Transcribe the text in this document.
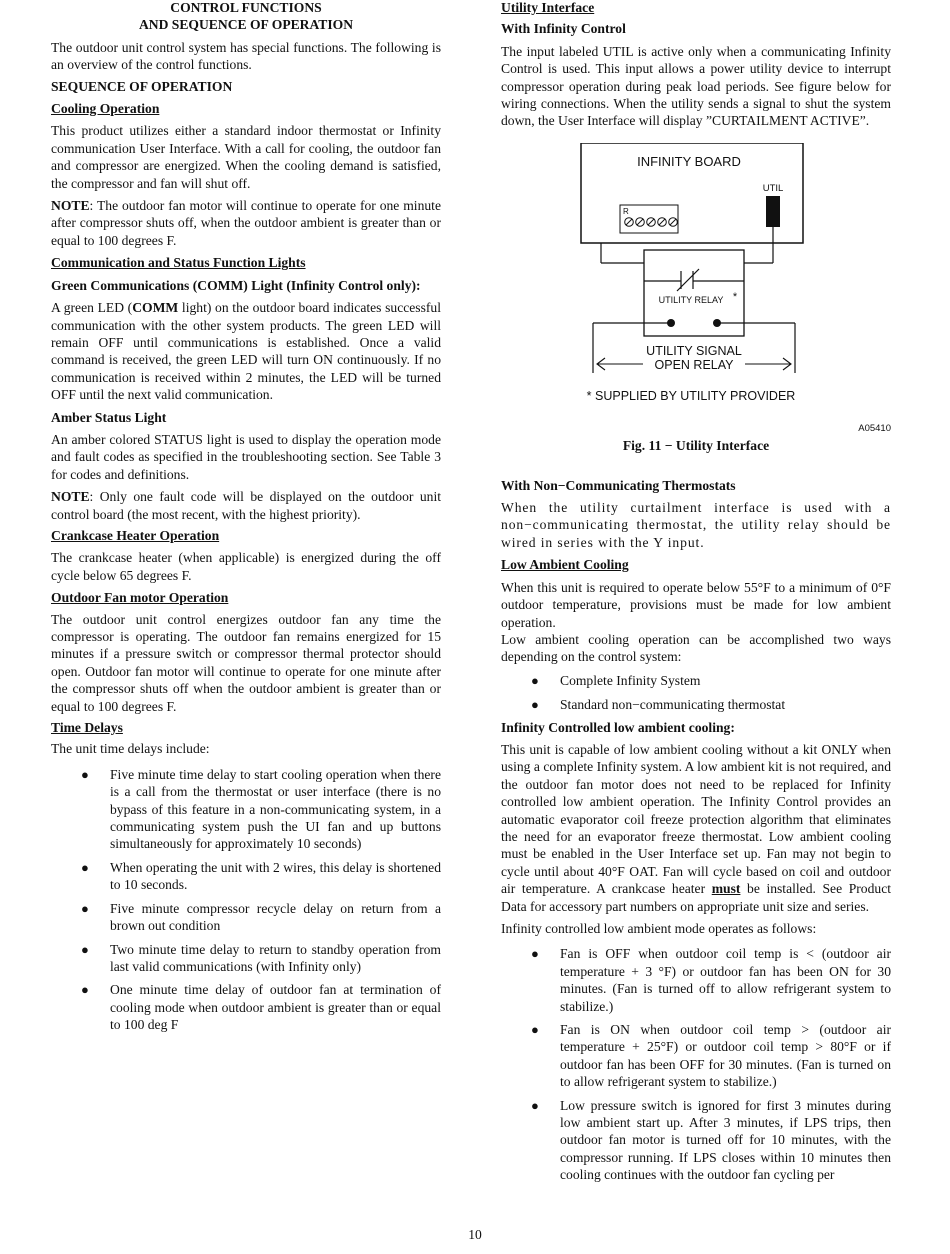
CONTROL FUNCTIONS
AND SEQUENCE OF OPERATION

The outdoor unit control system has special functions. The following is an overview of the control functions.

SEQUENCE OF OPERATION
Cooling Operation

This product utilizes either a standard indoor thermostat or Infinity communication User Interface. With a call for cooling, the outdoor fan and compressor are energized. When the cooling demand is satisfied, the compressor and fan will shut off.

NOTE: The outdoor fan motor will continue to operate for one minute after compressor shuts off, when the outdoor ambient is greater than or equal to 100 degrees F.

Communication and Status Function Lights

Green Communications (COMM) Light (Infinity Control only):

A green LED (COMM light) on the outdoor board indicates successful communication with the other system products. The green LED will remain OFF until communications is established. Once a valid command is received, the green LED will turn ON continuously. If no communication is received within 2 minutes, the LED will be turned OFF until the next valid communication.

Amber Status Light

An amber colored STATUS light is used to display the operation mode and fault codes as specified in the troubleshooting section. See Table 3 for codes and definitions.

NOTE: Only one fault code will be displayed on the outdoor unit control board (the most recent, with the highest priority).

Crankcase Heater Operation

The crankcase heater (when applicable) is energized during the off cycle below 65 degrees F.

Outdoor Fan motor Operation

The outdoor unit control energizes outdoor fan any time the compressor is operating. The outdoor fan remains energized for 15 minutes if a pressure switch or compressor thermal protector should open. Outdoor fan motor will continue to operate for one minute after the compressor shuts off when the outdoor ambient is greater than or equal to 100 degrees F.

Time Delays

The unit time delays include:

● Five minute time delay to start cooling operation when there is a call from the thermostat or user interface (there is no bypass of this feature in a non-communicating system, in a communicating system push the UI fan and up buttons simultaneously for approximately 10 seconds)
● When operating the unit with 2 wires, this delay is shortened to 10 seconds.
● Five minute compressor recycle delay on return from a brown out condition
● Two minute time delay to return to standby operation from last valid communications (with Infinity only)
● One minute time delay of outdoor fan at termination of cooling mode when outdoor ambient is greater than or equal to 100 deg F
Utility Interface
With Infinity Control

The input labeled UTIL is active only when a communicating Infinity Control is used. This input allows a power utility device to interrupt compressor operation during peak load periods. See figure below for wiring connections. When the utility sends a signal to shut the system down, the User Interface will display ”CURTAILMENT ACTIVE”.

INFINITY BOARD
UTIL
R
UTILITY RELAY *
UTILITY SIGNAL
OPEN RELAY
* SUPPLIED BY UTILITY PROVIDER
A05410
Fig. 11 − Utility Interface
With Non−Communicating Thermostats

When the utility curtailment interface is used with a non−communicating thermostat, the utility relay should be wired in series with the Y input.

Low Ambient Cooling

When this unit is required to operate below 55°F to a minimum of 0°F outdoor temperature, provisions must be made for low ambient operation.

Low ambient cooling operation can be accomplished two ways depending on the control system:

● Complete Infinity System
● Standard non−communicating thermostat
Infinity Controlled low ambient cooling:

This unit is capable of low ambient cooling without a kit ONLY when using a complete Infinity system. A low ambient kit is not required, and the outdoor fan motor does not need to be replaced for Infinity controlled low ambient operation. The Infinity Control provides an automatic evaporator coil freeze protection algorithm that eliminates the need for an evaporator freeze thermostat. Low ambient cooling must be enabled in the User Interface set up. Fan may not begin to cycle until about 40°F OAT. Fan will cycle based on coil and outdoor air temperature. A crankcase heater must be installed. See Product Data for accessory part numbers on appropriate unit size and series.

Infinity controlled low ambient mode operates as follows:

● Fan is OFF when outdoor coil temp is < (outdoor air temperature + 3 °F) or outdoor fan has been ON for 30 minutes. (Fan is turned off to allow refrigerant system to stabilize.)
● Fan is ON when outdoor coil temp > (outdoor air temperature + 25°F) or outdoor coil temp > 80°F or if outdoor fan has been OFF for 30 minutes. (Fan is turned on to allow refrigerant system to stabilize.)
● Low pressure switch is ignored for first 3 minutes during low ambient start up. After 3 minutes, if LPS trips, then outdoor fan motor is turned off for 10 minutes, with the compressor running. If LPS closes within 10 minutes then cooling continues with the outdoor fan cycling per
10
